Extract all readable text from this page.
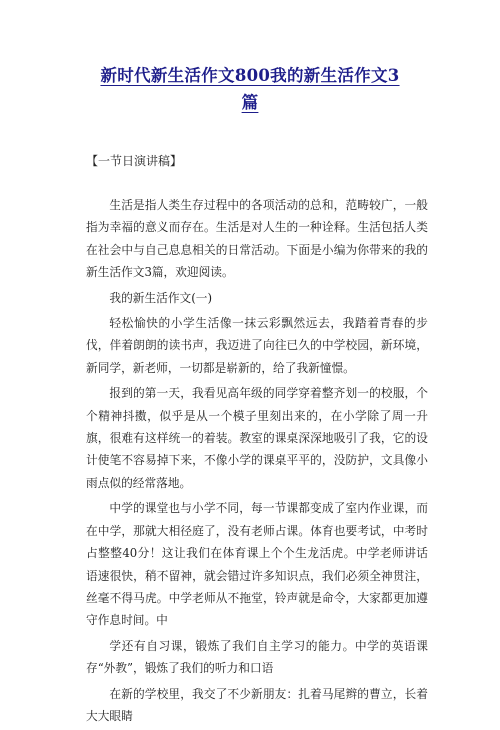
新时代新生活作文800我的新生活作文3
篇
【一节日演讲稿】

生活是指人类生存过程中的各项活动的总和，范畴较广，一般指为幸福的意义而存在。生活是对人生的一种诠释。生活包括人类在社会中与自己息息相关的日常活动。下面是小编为你带来的我的新生活作文3篇，欢迎阅读。

我的新生活作文(一)

轻松愉快的小学生活像一抹云彩飘然远去，我踏着青春的步伐，伴着朗朗的读书声，我迈进了向往已久的中学校园，新环境，新同学，新老师，一切都是崭新的，给了我新憧憬。

报到的第一天，我看见高年级的同学穿着整齐划一的校服，个个精神抖擞，似乎是从一个模子里刻出来的，在小学除了周一升旗，很难有这样统一的着装。教室的课桌深深地吸引了我，它的设计使笔不容易掉下来，不像小学的课桌平平的，没防护，文具像小雨点似的经常落地。

中学的课堂也与小学不同，每一节课都变成了室内作业课，而在中学，那就大相径庭了，没有老师占课。体育也要考试，中考时占整整40分！这让我们在体育课上个个生龙活虎。中学老师讲话语速很快，稍不留神，就会错过许多知识点，我们必须全神贯注，丝毫不得马虎。中学老师从不拖堂，铃声就是命令，大家都更加遵守作息时间。中

学还有自习课，锻炼了我们自主学习的能力。中学的英语课存“外教”，锻炼了我们的听力和口语

在新的学校里，我交了不少新朋友：扎着马尾辫的曹立，长着大大眼睛
